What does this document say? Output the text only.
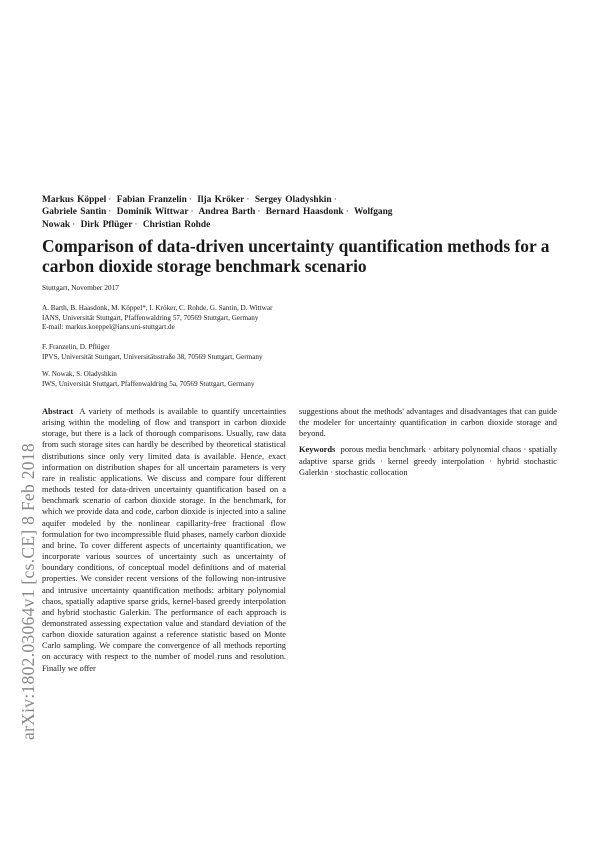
arXiv:1802.03064v1 [cs.CE] 8 Feb 2018
Markus Köppel · Fabian Franzelin · Ilja Kröker · Sergey Oladyshkin ·
Gabriele Santin · Dominik Wittwar · Andrea Barth · Bernard Haasdonk · Wolfgang Nowak · Dirk Pflüger · Christian Rohde
Comparison of data-driven uncertainty quantification methods for a carbon dioxide storage benchmark scenario
Stuttgart, November 2017
A. Barth, B. Haasdonk, M. Köppel*, I. Kröker, C. Rohde, G. Santin, D. Wittwar
IANS, Universität Stuttgart, Pfaffenwaldring 57, 70569 Stuttgart, Germany
E-mail: markus.koeppel@ians.uni-stuttgart.de
F. Franzelin, D. Pflüger
IPVS, Universität Stuttgart, Universitätsstraße 38, 70569 Stuttgart, Germany
W. Nowak, S. Oladyshkin
IWS, Universität Stuttgart, Pfaffenwaldring 5a, 70569 Stuttgart, Germany

Abstract A variety of methods is available to quantify uncertainties arising within the modeling of flow and transport in carbon dioxide storage, but there is a lack of thorough comparisons. Usually, raw data from such storage sites can hardly be described by theoretical statistical distributions since only very limited data is available. Hence, exact information on distribution shapes for all uncertain parameters is very rare in realistic applications. We discuss and compare four different methods tested for data-driven uncertainty quantification based on a benchmark scenario of carbon dioxide storage. In the benchmark, for which we provide data and code, carbon dioxide is injected into a saline aquifer modeled by the nonlinear capillarity-free fractional flow formulation for two incompressible fluid phases, namely carbon dioxide and brine. To cover different aspects of uncertainty quantification, we incorporate various sources of uncertainty such as uncertainty of boundary conditions, of conceptual model definitions and of material properties. We consider recent versions of the following non-intrusive and intrusive uncertainty quantification methods: arbitary polynomial chaos, spatially adaptive sparse grids, kernel-based greedy interpolation and hybrid stochastic Galerkin. The performance of each approach is demonstrated assessing expectation value and standard deviation of the carbon dioxide saturation against a reference statistic based on Monte Carlo sampling. We compare the convergence of all methods reporting on accuracy with respect to the number of model runs and resolution. Finally we offer

suggestions about the methods' advantages and disadvantages that can guide the modeler for uncertainty quantification in carbon dioxide storage and beyond.

Keywords porous media benchmark · arbitary polynomial chaos · spatially adaptive sparse grids · kernel greedy interpolation · hybrid stochastic Galerkin · stochastic collocation
